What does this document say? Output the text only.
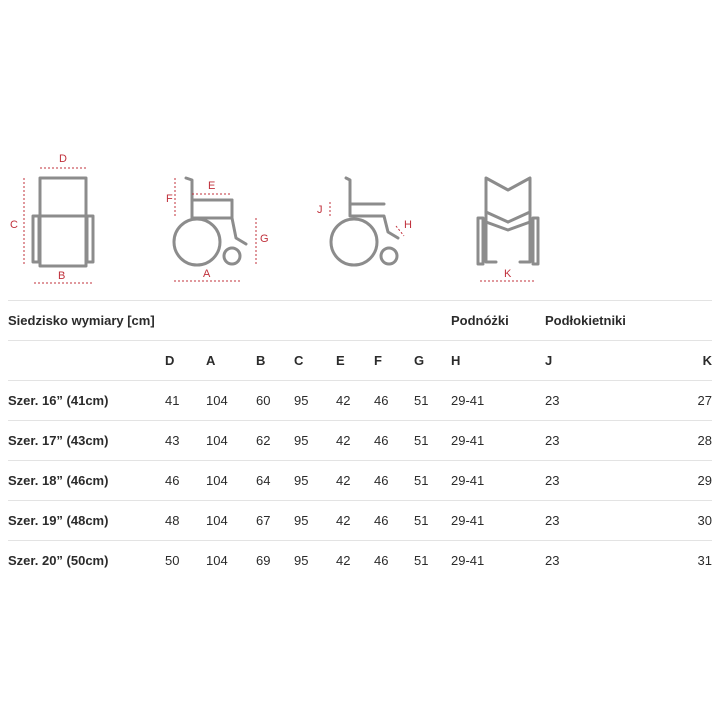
D
C
B
F
E
G
A
J
H
K
Siedzisko wymiary [cm]								Podnóżki	Podłokietniki	
	D	A	B	C	E	F	G	H	J	K
Szer. 16” (41cm)	41	104	60	95	42	46	51	29-41	23	27
Szer. 17” (43cm)	43	104	62	95	42	46	51	29-41	23	28
Szer. 18” (46cm)	46	104	64	95	42	46	51	29-41	23	29
Szer. 19” (48cm)	48	104	67	95	42	46	51	29-41	23	30
Szer. 20” (50cm)	50	104	69	95	42	46	51	29-41	23	31
